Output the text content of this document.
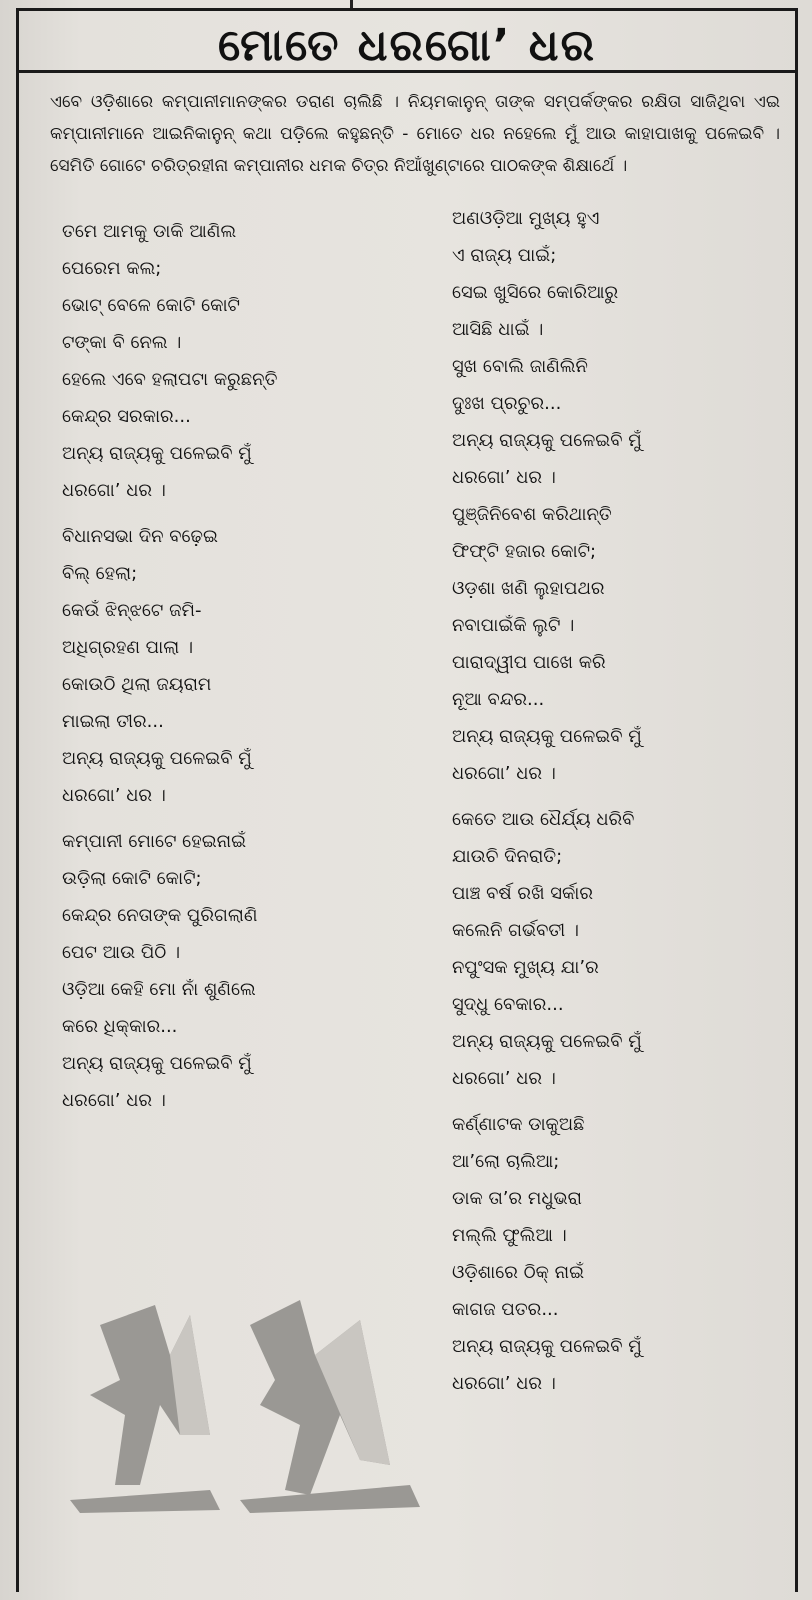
ମୋତେ ଧରଗୋ’ ଧର
ଏବେ ଓଡ଼ିଶାରେ କମ୍ପାନୀମାନଙ୍କର ଡରାଣ ଚାଲିଛି । ନିୟମକାନୁନ୍ ତାଙ୍କ ସମ୍ପର୍କଙ୍କର ରକ୍ଷିତା ସାଜିଥିବା ଏଇ କମ୍ପାନୀମାନେ ଆଇନିକାନୁନ୍ କଥା ପଡ଼ିଲେ କହୁଛନ୍ତି - ମୋତେ ଧର ନହେଲେ ମୁଁ ଆଉ କାହାପାଖକୁ ପଳେଇବି । ସେମିତି ଗୋଟେ ଚରିତ୍ରହୀନା କମ୍ପାନୀର ଧମକ ଚିତ୍ର ନିଆଁଖୁଣ୍ଟାରେ ପାଠକଙ୍କ ଶିକ୍ଷାର୍ଥେ ।
ତମେ ଆମକୁ ଡାକି ଆଣିଲ
ପେରେମ କଲ;
ଭୋଟ୍ ବେଳେ କୋଟି କୋଟି
ଟଙ୍କା ବି ନେଲ ।
ହେଲେ ଏବେ ହଲାପଟା କରୁଛନ୍ତି
କେନ୍ଦ୍ର ସରକାର...
ଅନ୍ୟ ରାଜ୍ୟକୁ ପଳେଇବି ମୁଁ
ଧରଗୋ’ ଧର ।
ବିଧାନସଭା ଦିନ ବଢ଼େଇ
ବିଲ୍ ହେଲା;
କେଉଁ ଝିନ୍‌ଝଟେ ଜମି-
ଅଧିଗ୍ରହଣ ପାଲା ।
କୋଉଠି ଥିଲା ଜୟରାମ
ମାଇଲା ତୀର...
ଅନ୍ୟ ରାଜ୍ୟକୁ ପଳେଇବି ମୁଁ
ଧରଗୋ’ ଧର ।
କମ୍ପାନୀ ମୋଟେ ହେଇନାଇଁ
ଉଡ଼ିଲା କୋଟି କୋଟି;
କେନ୍ଦ୍ର ନେତାଙ୍କ ପୁରିଗଲାଣି
ପେଟ ଆଉ ପିଠି ।
ଓଡ଼ିଆ କେହି ମୋ ନାଁ ଶୁଣିଲେ
କରେ ଧିକ୍କାର...
ଅନ୍ୟ ରାଜ୍ୟକୁ ପଳେଇବି ମୁଁ
ଧରଗୋ’ ଧର ।
ଅଣଓଡ଼ିଆ ମୁଖ୍ୟ ହୁଏ
ଏ ରାଜ୍ୟ ପାଇଁ;
ସେଇ ଖୁସିରେ କୋରିଆରୁ
ଆସିଛି ଧାଇଁ ।
ସୁଖ ବୋଲି ଜାଣିଲିନି
ଦୁଃଖ ପ୍ରଚୁର...
ଅନ୍ୟ ରାଜ୍ୟକୁ ପଳେଇବି ମୁଁ
ଧରଗୋ’ ଧର ।
ପୁଞ୍ଜିନିବେଶ କରିଥାନ୍ତି
ଫିଫ୍ଟି ହଜାର କୋଟି;
ଓଡ଼ଶା ଖଣି ଲୁହାପଥର
ନବାପାଇଁକି ଲୁଟି ।
ପାରାଦ୍ୱୀପ ପାଖେ କରି
ନୂଆ ବନ୍ଦର...
ଅନ୍ୟ ରାଜ୍ୟକୁ ପଳେଇବି ମୁଁ
ଧରଗୋ’ ଧର ।
କେତେ ଆଉ ଧୈର୍ଯ୍ୟ ଧରିବି
ଯାଉଚି ଦିନରାତି;
ପାଞ୍ଚ ବର୍ଷ ରଖି ସର୍କାର
କଲେନି ଗର୍ଭବତୀ ।
ନପୁଂସକ ମୁଖ୍ୟ ଯା’ର
ସୁଦ୍ଧୁ ବେକାର...
ଅନ୍ୟ ରାଜ୍ୟକୁ ପଳେଇବି ମୁଁ
ଧରଗୋ’ ଧର ।
କର୍ଣ୍ଣାଟକ ଡାକୁଅଛି
ଆ’ଲୋ ଚାଲିଆ;
ଡାକ ତା’ର ମଧୁଭରା
ମଲ୍ଲି ଫୁଲିଆ ।
ଓଡ଼ିଶାରେ ଠିକ୍ ନାଇଁ
କାଗଜ ପତର...
ଅନ୍ୟ ରାଜ୍ୟକୁ ପଳେଇବି ମୁଁ
ଧରଗୋ’ ଧର ।
